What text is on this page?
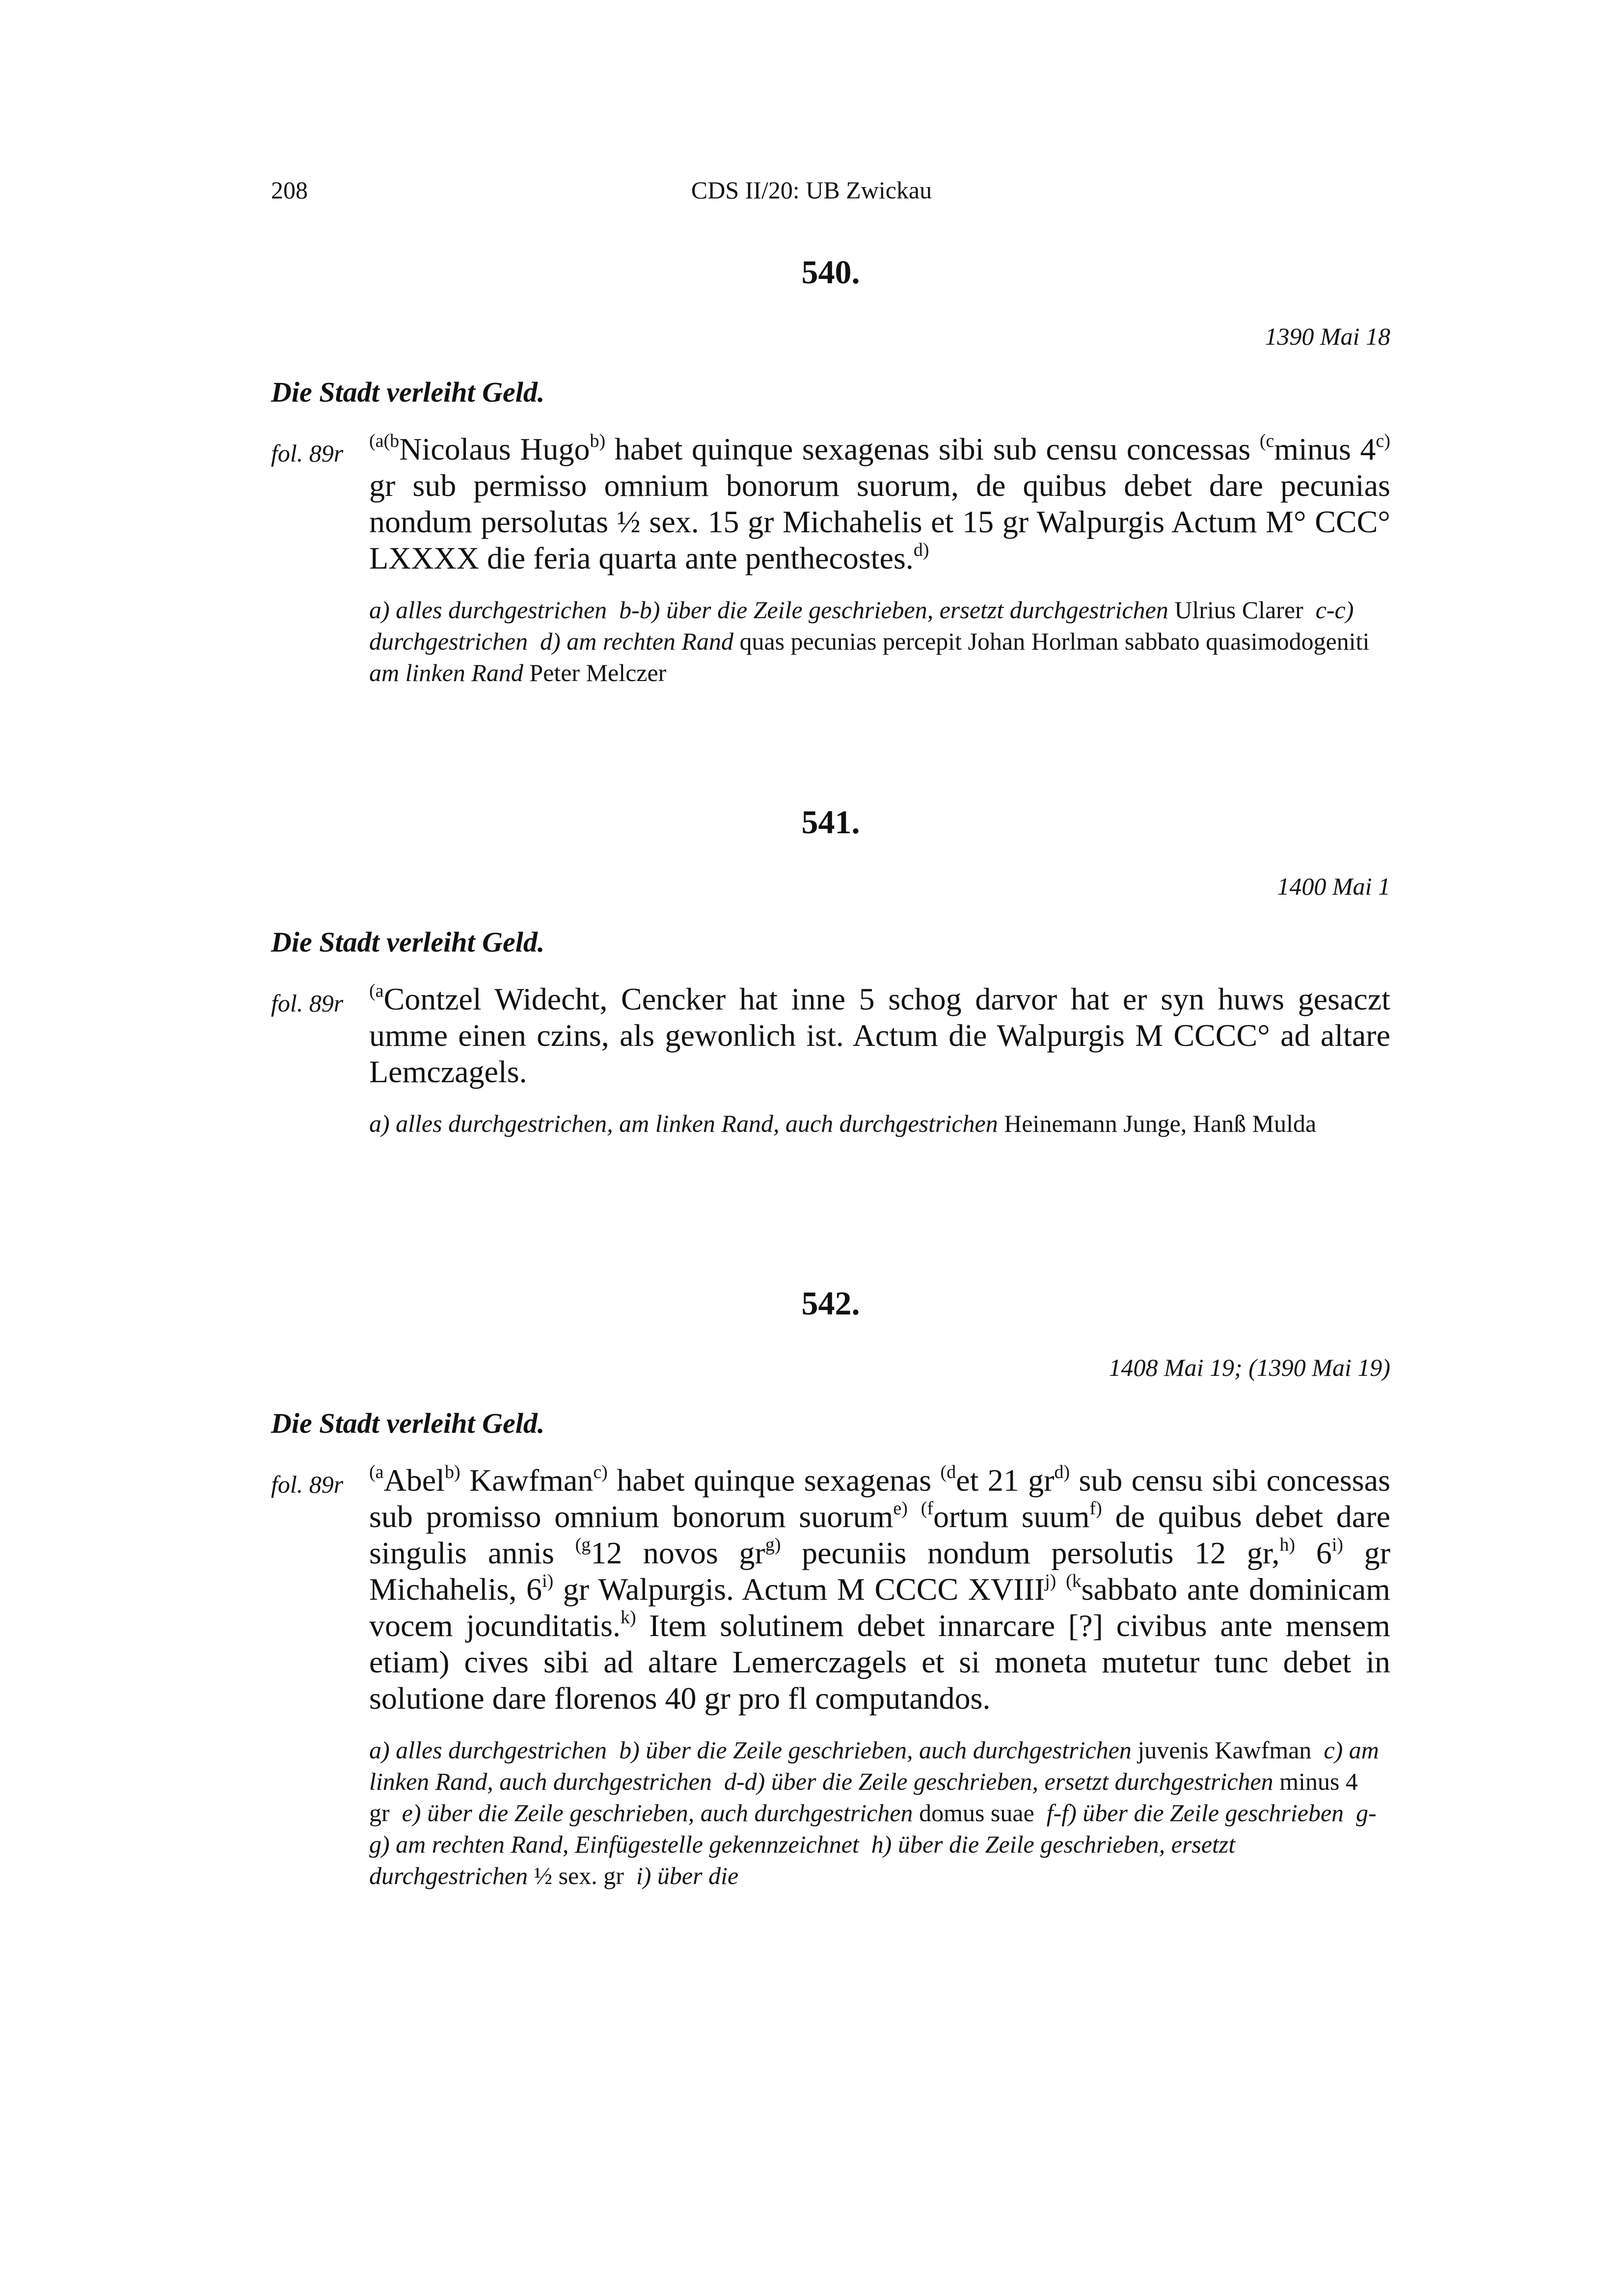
208	CDS II/20: UB Zwickau
540.
1390 Mai 18
Die Stadt verleiht Geld.
fol. 89r $^{(a(b}$Nicolaus Hugo$^{b)}$ habet quinque sexagenas sibi sub censu concessas $^{(c}$minus 4$^{c)}$ gr sub permisso omnium bonorum suorum, de quibus debet dare pecunias nondum persolutas ½ sex. 15 gr Michahelis et 15 gr Walpurgis Actum M° CCC° LXXXX die feria quarta ante penthecostes.$^{d)}$
a) alles durchgestrichen  b-b) über die Zeile geschrieben, ersetzt durchgestrichen Ulrius Clarer  c-c) durchgestrichen  d) am rechten Rand quas pecunias percepit Johan Horlman sabbato quasimodogeniti am linken Rand Peter Melczer
541.
1400 Mai 1
Die Stadt verleiht Geld.
fol. 89r $^{(a}$Contzel Widecht, Cencker hat inne 5 schog darvor hat er syn huws gesaczt umme einen czins, als gewonlich ist. Actum die Walpurgis M CCCC° ad altare Lemczagels.
a) alles durchgestrichen, am linken Rand, auch durchgestrichen Heinemann Junge, Hanß Mulda
542.
1408 Mai 19; (1390 Mai 19)
Die Stadt verleiht Geld.
fol. 89r $^{(a}$Abel$^{b)}$ Kawfman$^{c)}$ habet quinque sexagenas $^{(d}$et 21 $gr^{d)}$ sub censu sibi concessas sub promisso omnium bonorum suorum$^{e)}$ $^{(f}$ortum suum$^{f)}$ de quibus debet dare singulis annis $^{(g}$12 novos $gr^{g)}$ pecuniis nondum persolutis 12 gr,$^{h)}$ 6$^{i)}$ gr Michahelis, 6$^{i)}$ gr Walpurgis. Actum M CCCC XVIII$^{j)}$ $^{(k}$sabbato ante dominicam vocem jocunditatis.$^{k)}$ Item solutinem debet innarcare [?] civibus ante mensem etiam) cives sibi ad altare Lemerczagels et si moneta mutetur tunc debet in solutione dare florenos 40 gr pro fl computandos.
a) alles durchgestrichen  b) über die Zeile geschrieben, auch durchgestrichen juvenis Kawfman  c) am linken Rand, auch durchgestrichen  d-d) über die Zeile geschrieben, ersetzt durchgestrichen minus 4 gr  e) über die Zeile geschrieben, auch durchgestrichen domus suae  f-f) über die Zeile geschrieben  g-g) am rechten Rand, Einfügestelle gekennzeichnet  h) über die Zeile geschrieben, ersetzt durchgestrichen ½ sex. gr  i) über die
